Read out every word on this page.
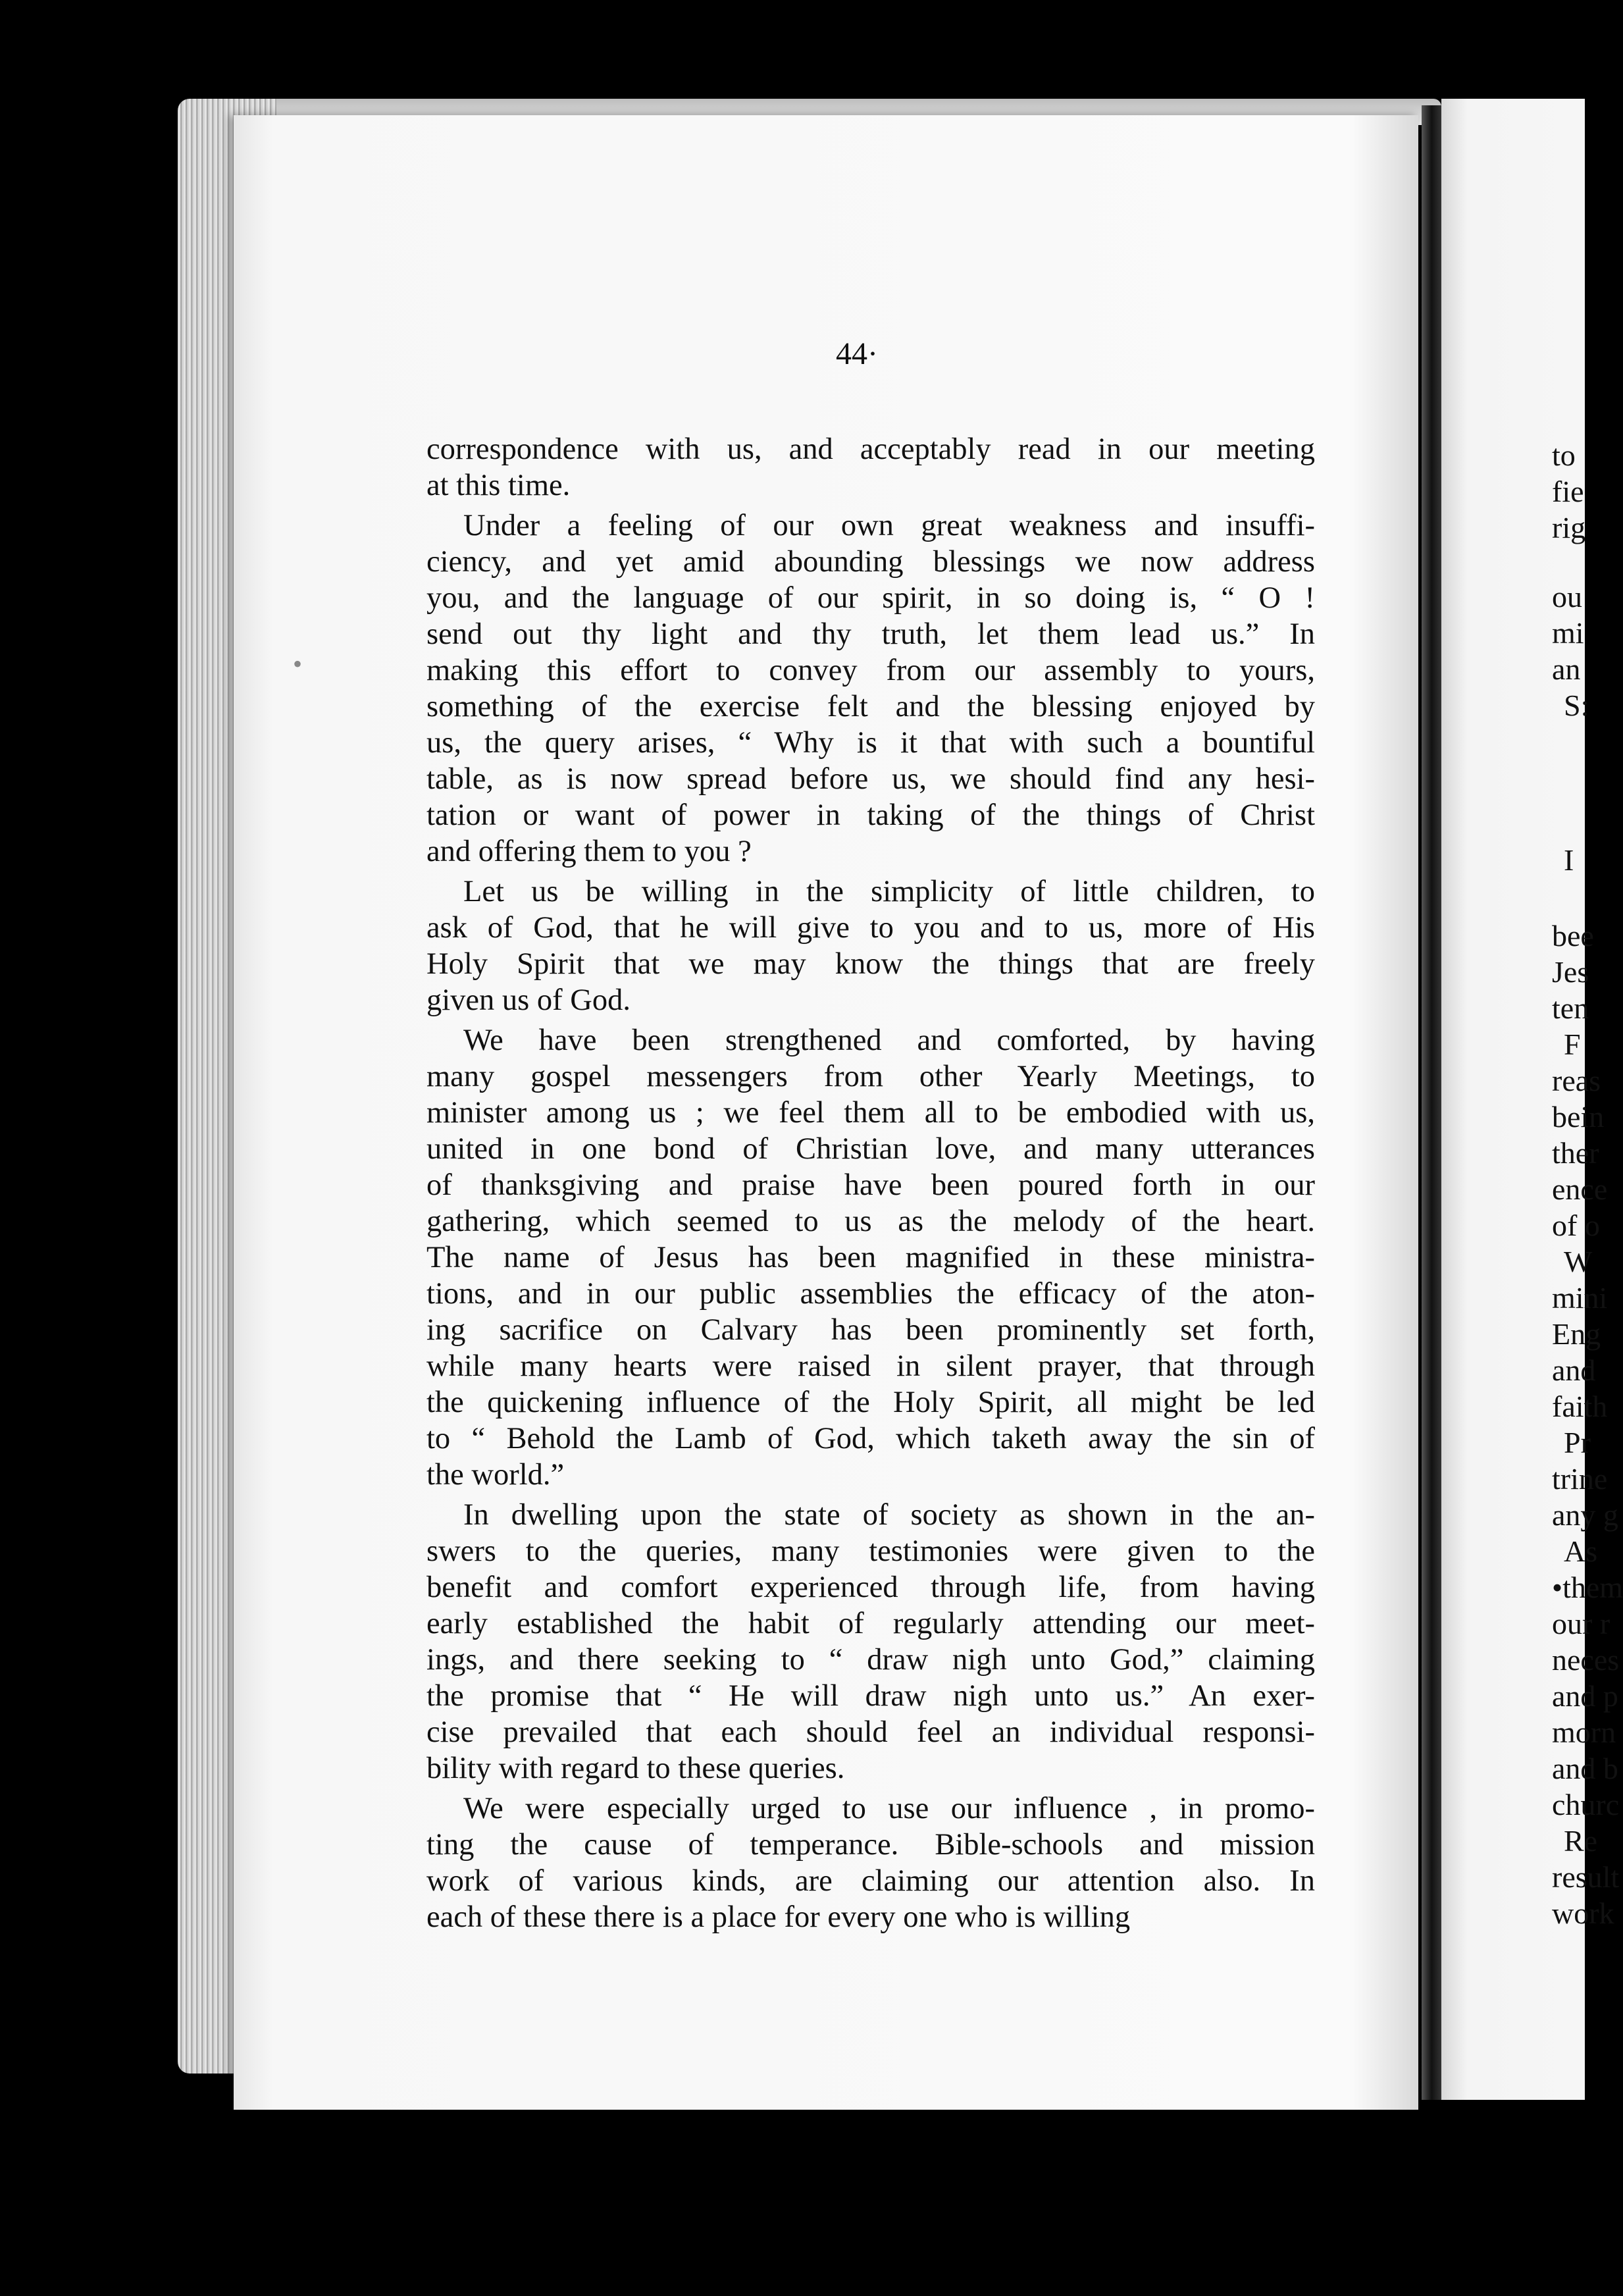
to
fie
rig
ou
mi
an
S:
I
bee
Jes
ten
F
reas
bein
ther
ence
of o
W
mini
Eng
and
faith
Pr
trine
any g
As
•them
our r
neces
and p
morn
and b
churc
Re
result
work
44·

correspondence with us, and acceptably read in our meeting

at this time.

Under a feeling of our own great weakness and insuffi-

ciency, and yet amid abounding blessings we now address

you, and the language of our spirit, in so doing is, “ O !

send out thy light and thy truth, let them lead us.” In

making this effort to convey from our assembly to yours,

something of the exercise felt and the blessing enjoyed by

us, the query arises, “ Why is it that with such a bountiful

table, as is now spread before us, we should find any hesi-

tation or want of power in taking of the things of Christ

and offering them to you ?

Let us be willing in the simplicity of little children, to

ask of God, that he will give to you and to us, more of His

Holy Spirit that we may know the things that are freely

given us of God.

We have been strengthened and comforted, by having

many gospel messengers from other Yearly Meetings, to

minister among us ; we feel them all to be embodied with us,

united in one bond of Christian love, and many utterances

of thanksgiving and praise have been poured forth in our

gathering, which seemed to us as the melody of the heart.

The name of Jesus has been magnified in these ministra-

tions, and in our public assemblies the efficacy of the aton-

ing sacrifice on Calvary has been prominently set forth,

while many hearts were raised in silent prayer, that through

the quickening influence of the Holy Spirit, all might be led

to “ Behold the Lamb of God, which taketh away the sin of

the world.”

In dwelling upon the state of society as shown in the an-

swers to the queries, many testimonies were given to the

benefit and comfort experienced through life, from having

early established the habit of regularly attending our meet-

ings, and there seeking to “ draw nigh unto God,” claiming

the promise that “ He will draw nigh unto us.” An exer-

cise prevailed that each should feel an individual responsi-

bility with regard to these queries.

We were especially urged to use our influence , in promo-

ting the cause of temperance. Bible-schools and mission

work of various kinds, are claiming our attention also. In

each of these there is a place for every one who is willing

•
